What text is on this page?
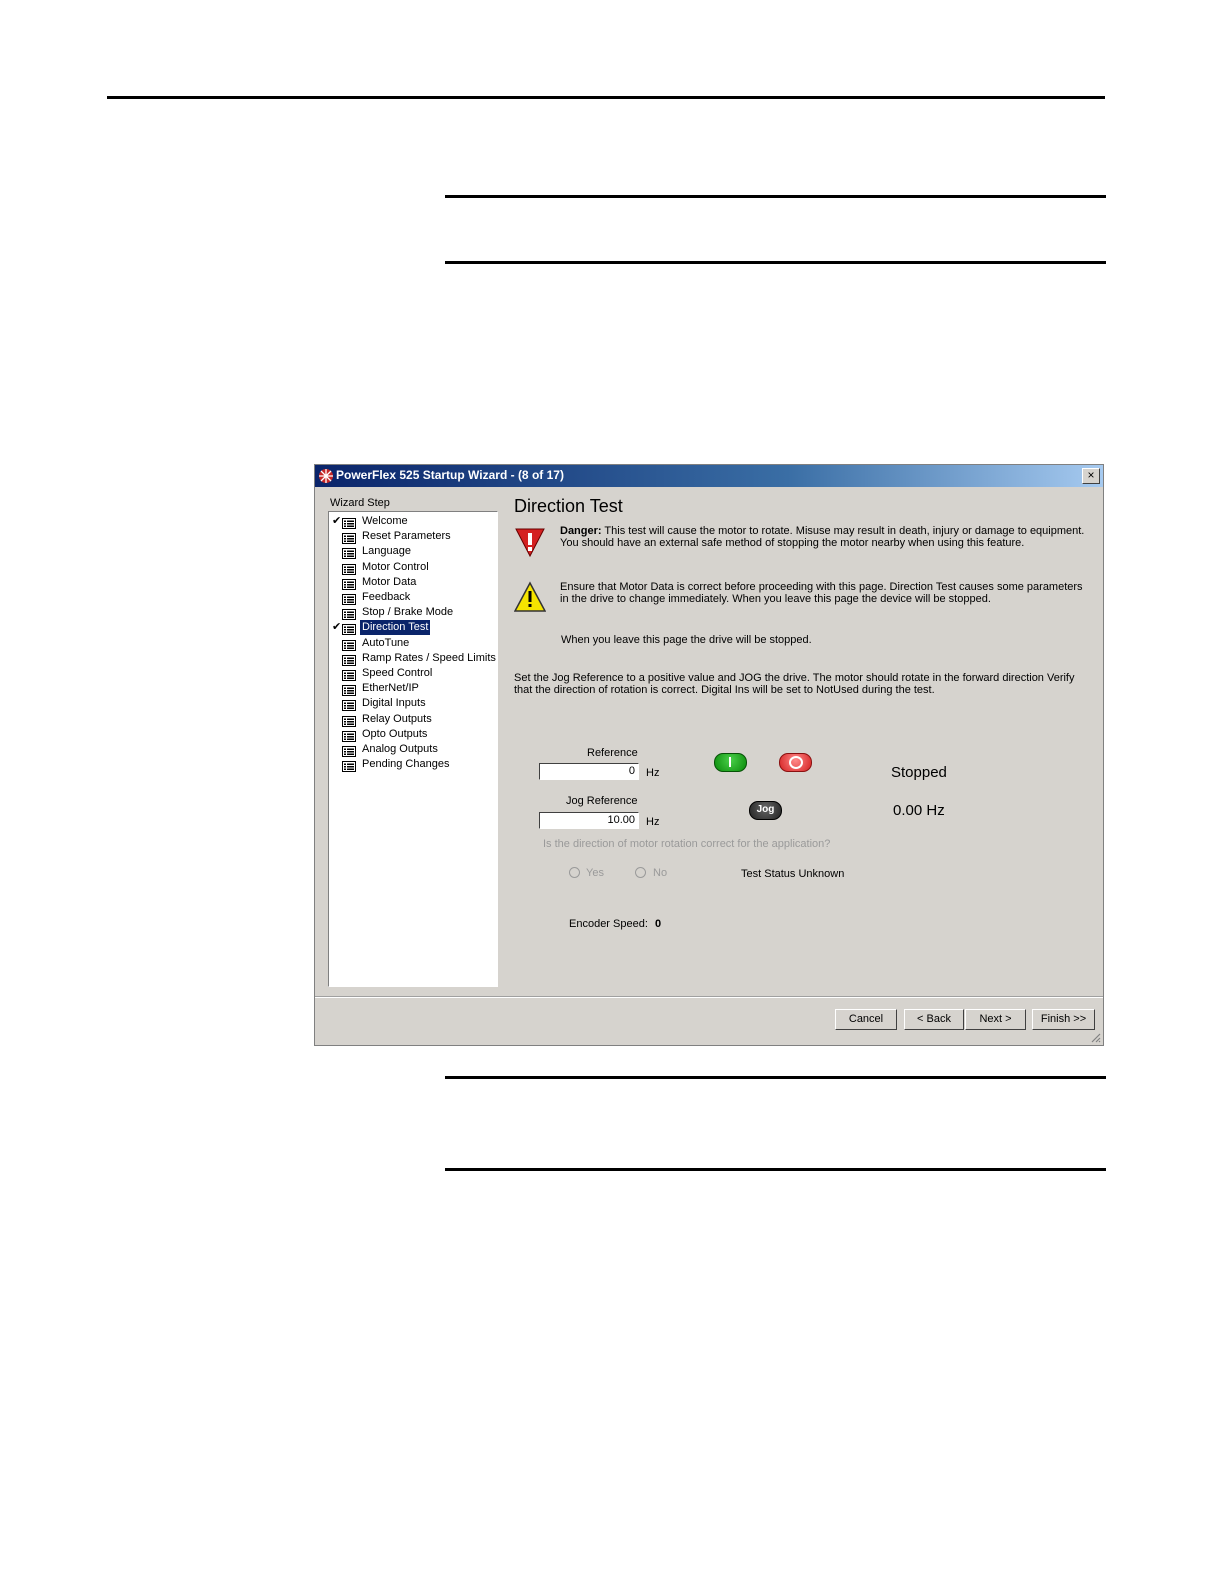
PowerFlex 525 Startup Wizard - (8 of 17)	×
Wizard Step
✔ Welcome
Reset Parameters
Language
Motor Control
Motor Data
Feedback
Stop / Brake Mode
✔ Direction Test
AutoTune
Ramp Rates / Speed Limits
Speed Control
EtherNet/IP
Digital Inputs
Relay Outputs
Opto Outputs
Analog Outputs
Pending Changes
Direction Test
Danger: This test will cause the motor to rotate. Misuse may result in death, injury or damage to equipment. You should have an external safe method of stopping the motor nearby when using this feature.
Ensure that Motor Data is correct before proceeding with this page. Direction Test causes some parameters in the drive to change immediately. When you leave this page the device will be stopped.
When you leave this page the drive will be stopped.
Set the Jog Reference to a positive value and JOG the drive. The motor should rotate in the forward direction Verify that the direction of rotation is correct. Digital Ins will be set to NotUsed during the test.
Reference
0	Hz
Jog Reference
10.00	Hz
Jog
Stopped
0.00 Hz
Is the direction of motor rotation correct for the application?
Yes	No	Test Status Unknown
Encoder Speed: 0
Cancel	< Back	Next >	Finish >>
